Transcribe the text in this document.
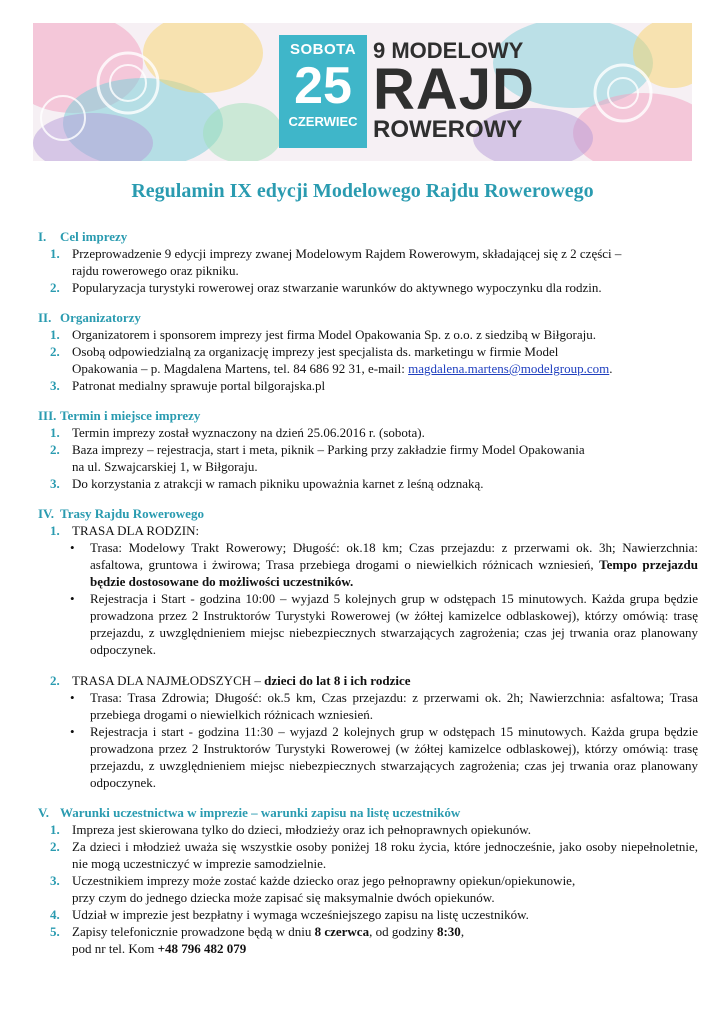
SOBOTA
25
CZERWIEC
9 MODELOWY
RAJD
ROWEROWY
Regulamin IX edycji Modelowego Rajdu Rowerowego
I. Cel imprezy
1. Przeprowadzenie 9 edycji imprezy zwanej Modelowym Rajdem Rowerowym, składającej się z 2 części –
rajdu rowerowego oraz pikniku.
2. Popularyzacja turystyki rowerowej oraz stwarzanie warunków do aktywnego wypoczynku dla rodzin.
II. Organizatorzy
1. Organizatorem i sponsorem imprezy jest firma Model Opakowania Sp. z o.o. z siedzibą w Biłgoraju.
2. Osobą odpowiedzialną za organizację imprezy jest specjalista ds. marketingu w firmie Model
Opakowania – p. Magdalena Martens, tel. 84 686 92 31, e-mail: magdalena.martens@modelgroup.com.
3. Patronat medialny sprawuje portal bilgorajska.pl
III. Termin i miejsce imprezy
1. Termin imprezy został wyznaczony na dzień 25.06.2016 r. (sobota).
2. Baza imprezy – rejestracja, start i meta, piknik – Parking przy zakładzie firmy Model Opakowania
na ul. Szwajcarskiej 1, w Biłgoraju.
3. Do korzystania z atrakcji w ramach pikniku upoważnia karnet z leśną odznaką.
IV. Trasy Rajdu Rowerowego
1. TRASA DLA RODZIN:
• Trasa: Modelowy Trakt Rowerowy; Długość: ok.18 km; Czas przejazdu: z przerwami ok. 3h; Nawierzchnia: asfaltowa, gruntowa i żwirowa; Trasa przebiega drogami o niewielkich różnicach wzniesień, Tempo przejazdu będzie dostosowane do możliwości uczestników.
• Rejestracja i Start - godzina 10:00 – wyjazd 5 kolejnych grup w odstępach 15 minutowych. Każda grupa będzie prowadzona przez 2 Instruktorów Turystyki Rowerowej (w żółtej kamizelce odblaskowej), którzy omówią: trasę przejazdu, z uwzględnieniem miejsc niebezpiecznych stwarzających zagrożenia; czas jej trwania oraz planowany odpoczynek.
2. TRASA DLA NAJMŁODSZYCH – dzieci do lat 8 i ich rodzice
• Trasa: Trasa Zdrowia; Długość: ok.5 km, Czas przejazdu: z przerwami ok. 2h; Nawierzchnia: asfaltowa; Trasa przebiega drogami o niewielkich różnicach wzniesień.
• Rejestracja i start - godzina 11:30 – wyjazd 2 kolejnych grup w odstępach 15 minutowych. Każda grupa będzie prowadzona przez 2 Instruktorów Turystyki Rowerowej (w żółtej kamizelce odblaskowej), którzy omówią: trasę przejazdu, z uwzględnieniem miejsc niebezpiecznych stwarzających zagrożenia; czas jej trwania oraz planowany odpoczynek.
V. Warunki uczestnictwa w imprezie – warunki zapisu na listę uczestników
1. Impreza jest skierowana tylko do dzieci, młodzieży oraz ich pełnoprawnych opiekunów.
2. Za dzieci i młodzież uważa się wszystkie osoby poniżej 18 roku życia, które jednocześnie, jako osoby niepełnoletnie, nie mogą uczestniczyć w imprezie samodzielnie.
3. Uczestnikiem imprezy może zostać każde dziecko oraz jego pełnoprawny opiekun/opiekunowie,
przy czym do jednego dziecka może zapisać się maksymalnie dwóch opiekunów.
4. Udział w imprezie jest bezpłatny i wymaga wcześniejszego zapisu na listę uczestników.
5. Zapisy telefonicznie prowadzone będą w dniu 8 czerwca, od godziny 8:30,
pod nr tel. Kom +48 796 482 079
